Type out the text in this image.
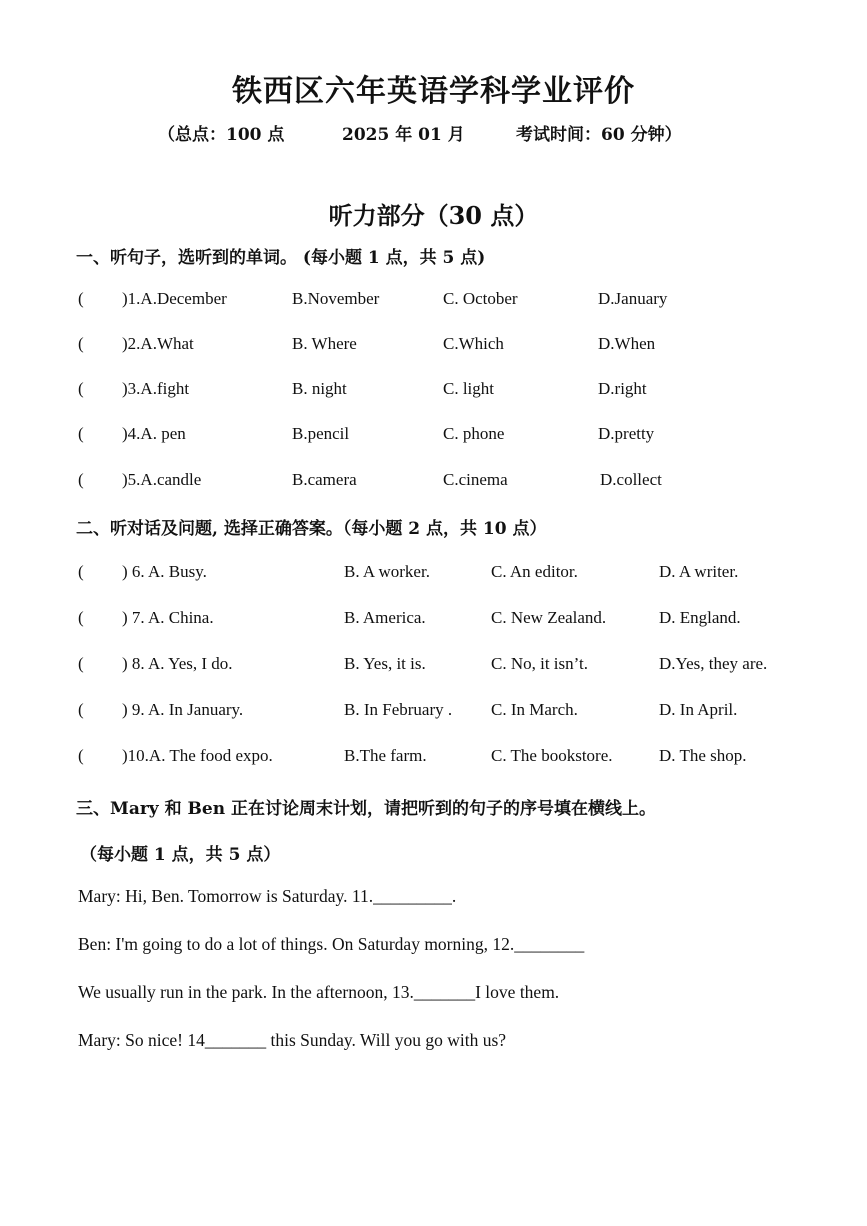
铁西区六年英语学科学业评价
（总点：100 点	2025 年 01 月	考试时间：60 分钟）
听力部分（30 点）
一、听句子，选听到的单词。 (每小题 1 点，共 5 点)
( )1.A.December	B.November	C. October	D.January
( )2.A.What	B. Where	C.Which	D.When
( )3.A.fight	B. night	C. light	D.right
( )4.A. pen	B.pencil	C. phone	D.pretty
( )5.A.candle	B.camera	C.cinema	D.collect
二、听对话及问题, 选择正确答案。（每小题 2 点，共 10 点）
( ) 6. A. Busy.	B. A worker.	C. An editor.	D. A writer.
( ) 7. A. China.	B. America.	C. New Zealand.	D. England.
( ) 8. A. Yes, I do.	B. Yes, it is.	C. No, it isn’t.	D.Yes, they are.
( ) 9. A. In January.	B. In February . C. In March.	D. In April.
( )10.A. The food expo.	B.The farm.	C. The bookstore.	D. The shop.
三、Mary 和 Ben 正在讨论周末计划，请把听到的句子的序号填在横线上。
（每小题 1 点，共 5 点）
Mary: Hi, Ben. Tomorrow is Saturday. 11._________.
Ben: I'm going to do a lot of things. On Saturday morning, 12.________
We usually run in the park. In the afternoon, 13._______I love them.
Mary: So nice! 14_______ this Sunday. Will you go with us?
